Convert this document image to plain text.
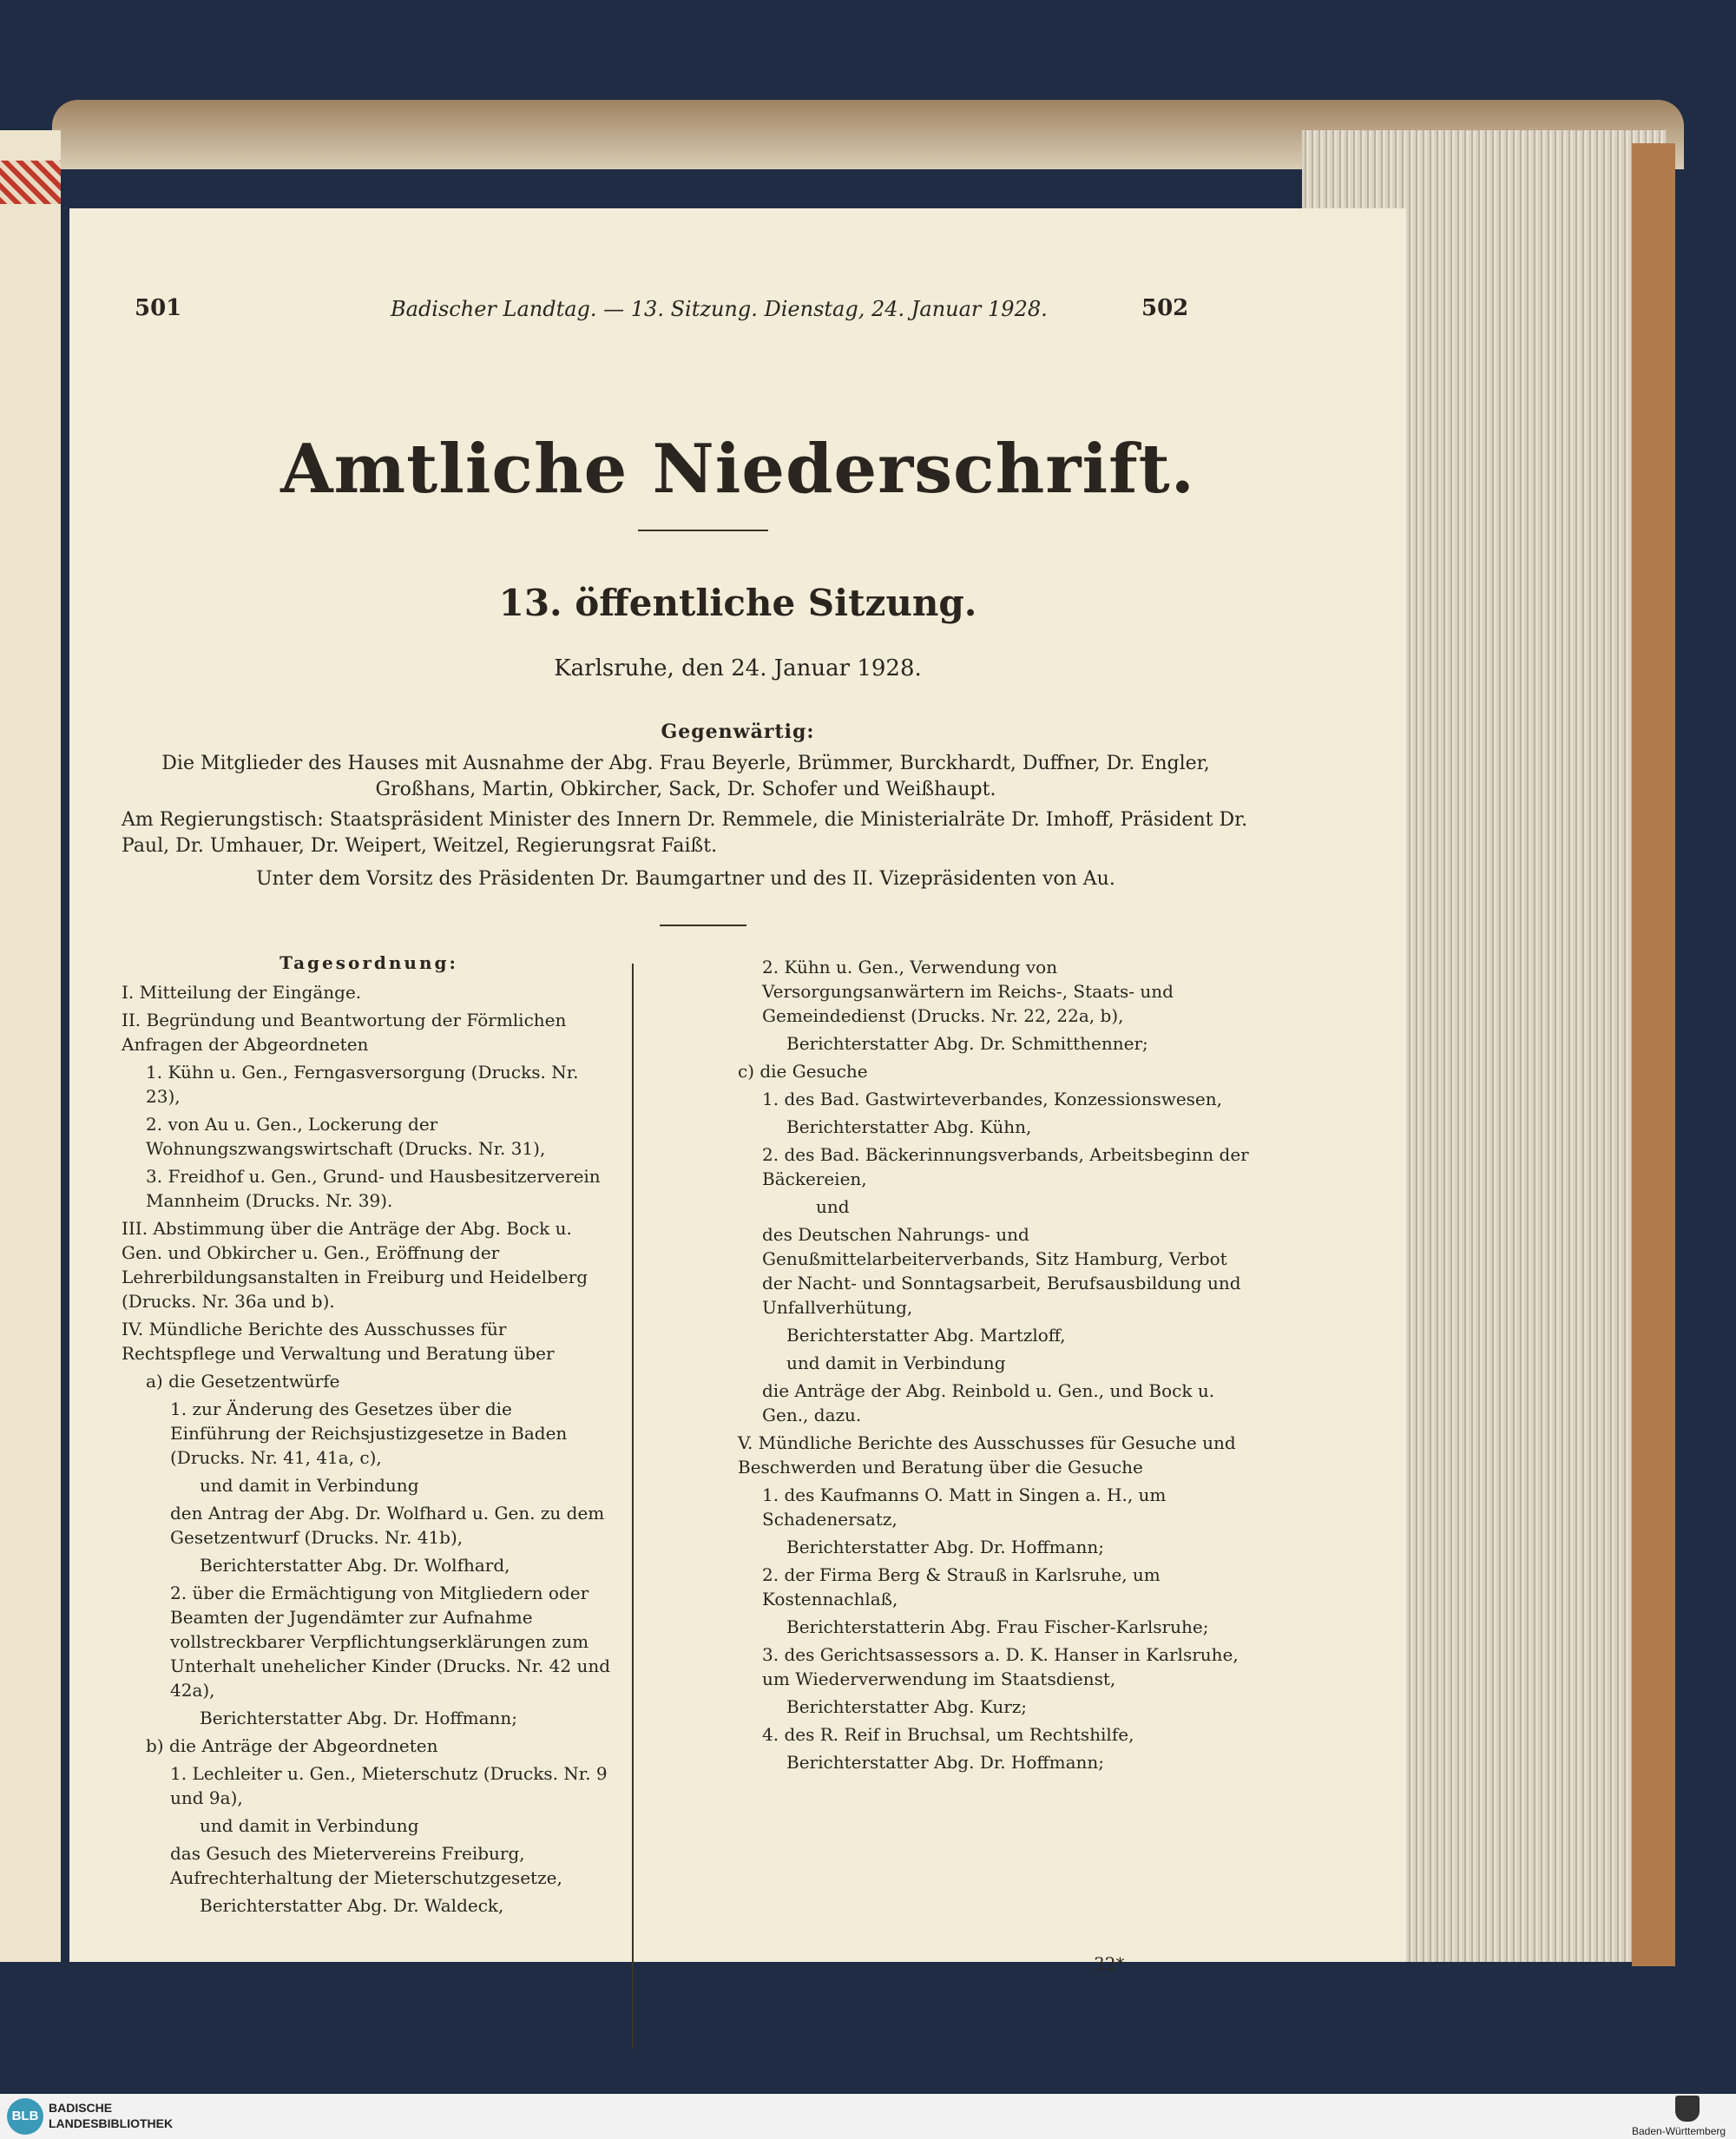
501	Badischer Landtag. — 13. Sitzung. Dienstag, 24. Januar 1928.	502
Amtliche Niederschrift.
13. öffentliche Sitzung.
Karlsruhe, den 24. Januar 1928.
Gegenwärtig:
Die Mitglieder des Hauses mit Ausnahme der Abg. Frau Beyerle, Brümmer, Burckhardt, Duffner, Dr. Engler, Großhans, Martin, Obkircher, Sack, Dr. Schofer und Weißhaupt.
Am Regierungstisch: Staatspräsident Minister des Innern Dr. Remmele, die Ministerialräte Dr. Imhoff, Präsident Dr. Paul, Dr. Umhauer, Dr. Weipert, Weitzel, Regierungsrat Faißt.
Unter dem Vorsitz des Präsidenten Dr. Baumgartner und des II. Vizepräsidenten von Au.
Tagesordnung:
I. Mitteilung der Eingänge.
II. Begründung und Beantwortung der Förmlichen Anfragen der Abgeordneten
1. Kühn u. Gen., Ferngasversorgung (Drucks. Nr. 23),
2. von Au u. Gen., Lockerung der Wohnungszwangswirtschaft (Drucks. Nr. 31),
3. Freidhof u. Gen., Grund- und Hausbesitzerverein Mannheim (Drucks. Nr. 39).
III. Abstimmung über die Anträge der Abg. Bock u. Gen. und Obkircher u. Gen., Eröffnung der Lehrerbildungsanstalten in Freiburg und Heidelberg (Drucks. Nr. 36a und b).
IV. Mündliche Berichte des Ausschusses für Rechtspflege und Verwaltung und Beratung über
a) die Gesetzentwürfe
1. zur Änderung des Gesetzes über die Einführung der Reichsjustizgesetze in Baden (Drucks. Nr. 41, 41a, c),
und damit in Verbindung
den Antrag der Abg. Dr. Wolfhard u. Gen. zu dem Gesetzentwurf (Drucks. Nr. 41b),
Berichterstatter Abg. Dr. Wolfhard,
2. über die Ermächtigung von Mitgliedern oder Beamten der Jugendämter zur Aufnahme vollstreckbarer Verpflichtungserklärungen zum Unterhalt unehelicher Kinder (Drucks. Nr. 42 und 42a),
Berichterstatter Abg. Dr. Hoffmann;
b) die Anträge der Abgeordneten
1. Lechleiter u. Gen., Mieterschutz (Drucks. Nr. 9 und 9a),
und damit in Verbindung
das Gesuch des Mietervereins Freiburg, Aufrechterhaltung der Mieterschutzgesetze,
Berichterstatter Abg. Dr. Waldeck,
2. Kühn u. Gen., Verwendung von Versorgungsanwärtern im Reichs-, Staats- und Gemeindedienst (Drucks. Nr. 22, 22a, b),
Berichterstatter Abg. Dr. Schmitthenner;
c) die Gesuche
1. des Bad. Gastwirteverbandes, Konzessionswesen,
Berichterstatter Abg. Kühn,
2. des Bad. Bäckerinnungsverbands, Arbeitsbeginn der Bäckereien,
und
des Deutschen Nahrungs- und Genußmittelarbeiterverbands, Sitz Hamburg, Verbot der Nacht- und Sonntagsarbeit, Berufsausbildung und Unfallverhütung,
Berichterstatter Abg. Martzloff,
und damit in Verbindung
die Anträge der Abg. Reinbold u. Gen., und Bock u. Gen., dazu.
V. Mündliche Berichte des Ausschusses für Gesuche und Beschwerden und Beratung über die Gesuche
1. des Kaufmanns O. Matt in Singen a. H., um Schadenersatz,
Berichterstatter Abg. Dr. Hoffmann;
2. der Firma Berg & Strauß in Karlsruhe, um Kostennachlaß,
Berichterstatterin Abg. Frau Fischer-Karlsruhe;
3. des Gerichtsassessors a. D. K. Hanser in Karlsruhe, um Wiederverwendung im Staatsdienst,
Berichterstatter Abg. Kurz;
4. des R. Reif in Bruchsal, um Rechtshilfe,
Berichterstatter Abg. Dr. Hoffmann;
32*
BLB
BADISCHE
LANDESBIBLIOTHEK
Baden-Württemberg
